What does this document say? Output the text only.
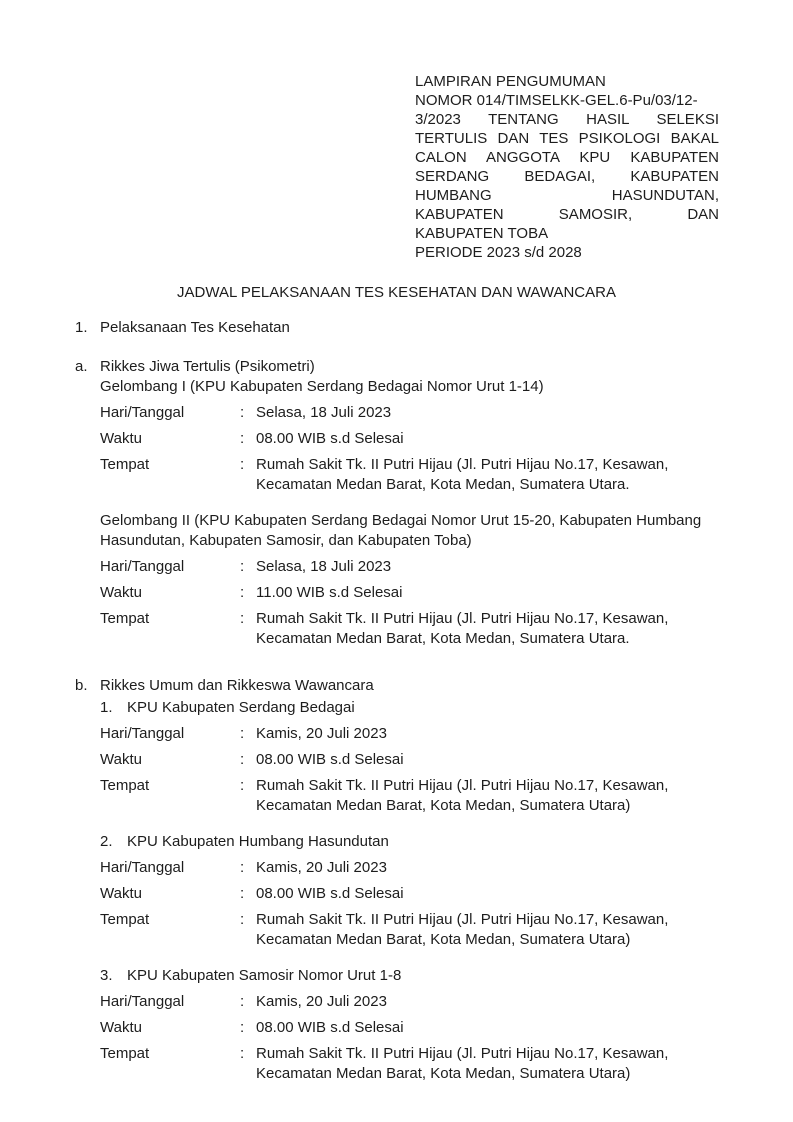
LAMPIRAN PENGUMUMAN
NOMOR 014/TIMSELKK-GEL.6-Pu/03/12-
3/2023 TENTANG HASIL SELEKSI
TERTULIS DAN TES PSIKOLOGI BAKAL
CALON ANGGOTA KPU KABUPATEN
SERDANG BEDAGAI, KABUPATEN
HUMBANG HASUNDUTAN,
KABUPATEN SAMOSIR, DAN
KABUPATEN TOBA
PERIODE 2023 s/d 2028
JADWAL PELAKSANAAN TES KESEHATAN DAN WAWANCARA
1. Pelaksanaan Tes Kesehatan
a. Rikkes Jiwa Tertulis (Psikometri)
Gelombang I (KPU Kabupaten Serdang Bedagai Nomor Urut 1-14)
Hari/Tanggal	: Selasa, 18 Juli 2023
Waktu	: 08.00 WIB s.d Selesai
Tempat	: Rumah Sakit Tk. II Putri Hijau (Jl. Putri Hijau No.17, Kesawan, Kecamatan Medan Barat, Kota Medan, Sumatera Utara.
Gelombang II (KPU Kabupaten Serdang Bedagai Nomor Urut 15-20, Kabupaten Humbang Hasundutan, Kabupaten Samosir, dan Kabupaten Toba)
Hari/Tanggal	: Selasa, 18 Juli 2023
Waktu	: 11.00 WIB s.d Selesai
Tempat	: Rumah Sakit Tk. II Putri Hijau (Jl. Putri Hijau No.17, Kesawan, Kecamatan Medan Barat, Kota Medan, Sumatera Utara.
b. Rikkes Umum dan Rikkeswa Wawancara
1. KPU Kabupaten Serdang Bedagai
Hari/Tanggal	: Kamis, 20 Juli 2023
Waktu	: 08.00 WIB s.d Selesai
Tempat	: Rumah Sakit Tk. II Putri Hijau (Jl. Putri Hijau No.17, Kesawan, Kecamatan Medan Barat, Kota Medan, Sumatera Utara)
2. KPU Kabupaten Humbang Hasundutan
Hari/Tanggal	: Kamis, 20 Juli 2023
Waktu	: 08.00 WIB s.d Selesai
Tempat	: Rumah Sakit Tk. II Putri Hijau (Jl. Putri Hijau No.17, Kesawan, Kecamatan Medan Barat, Kota Medan, Sumatera Utara)
3. KPU Kabupaten Samosir Nomor Urut 1-8
Hari/Tanggal	: Kamis, 20 Juli 2023
Waktu	: 08.00 WIB s.d Selesai
Tempat	: Rumah Sakit Tk. II Putri Hijau (Jl. Putri Hijau No.17, Kesawan, Kecamatan Medan Barat, Kota Medan, Sumatera Utara)
